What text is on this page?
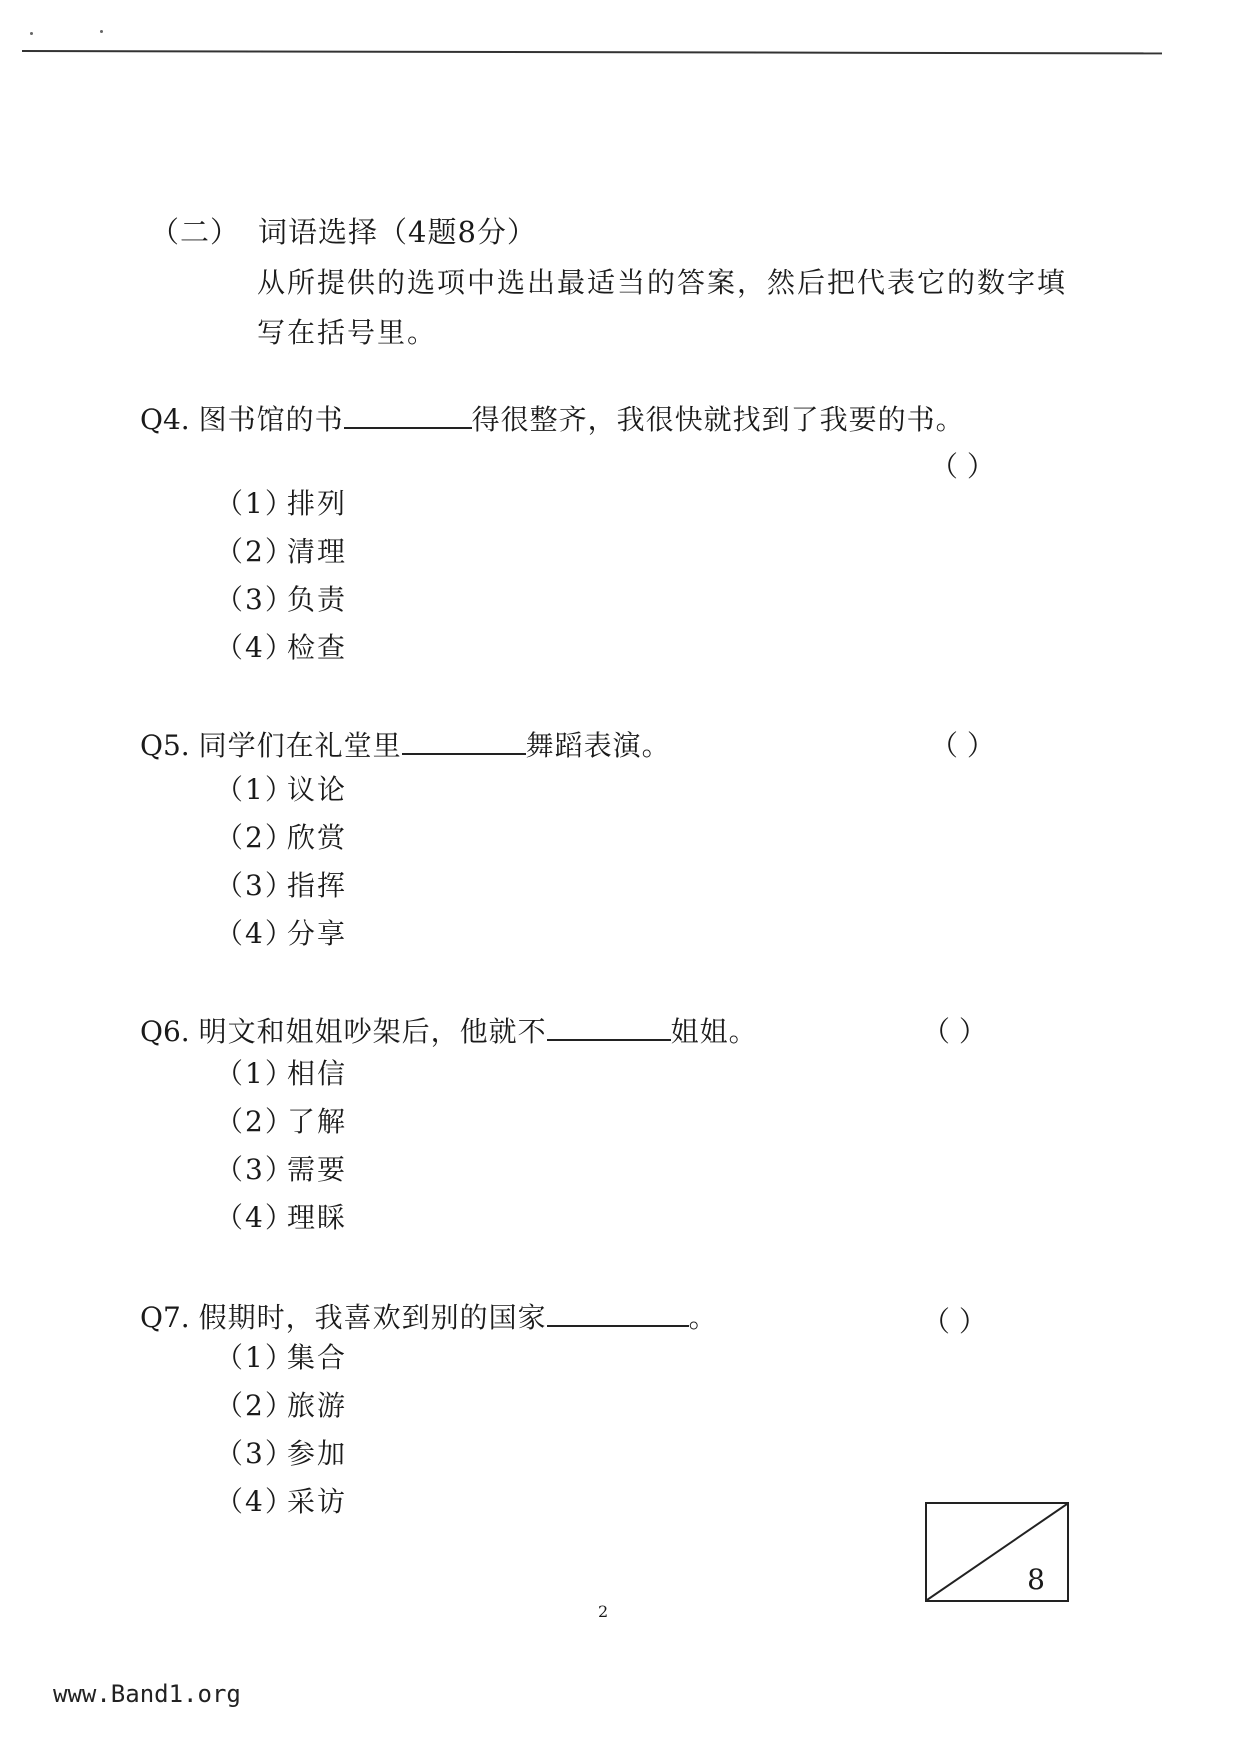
（二） 词语选择（4题8分）

从所提供的选项中选出最适当的答案，然后把代表它的数字填写在括号里。

Q4. 图书馆的书	得很整齐，我很快就找到了我要的书。
（ ）
（1）排列
（2）清理
（3）负责
（4）检查
Q5. 同学们在礼堂里	舞蹈表演。	（ ）
（1）议论
（2）欣赏
（3）指挥
（4）分享
Q6. 明文和姐姐吵架后，他就不	姐姐。	（ ）
（1）相信
（2）了解
（3）需要
（4）理睬
Q7. 假期时，我喜欢到别的国家	。	（ ）
（1）集合
（2）旅游
（3）参加
（4）采访
8
2
www.Band1.org
